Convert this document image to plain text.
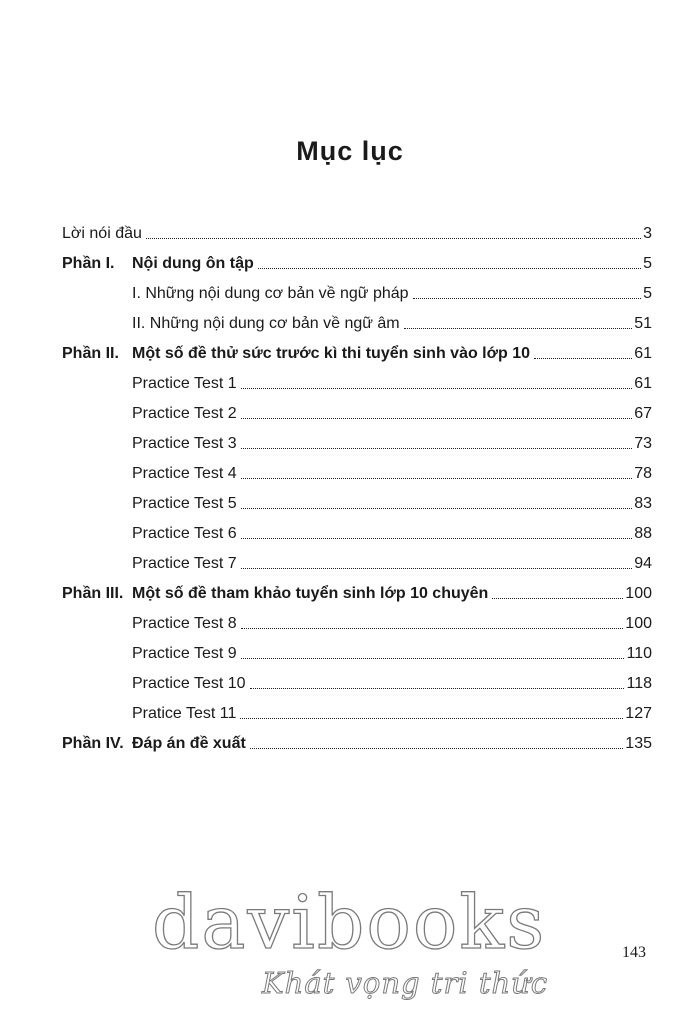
Mục lục
Lời nói đầu	3
Phần I.	Nội dung ôn tập	5
I. Những nội dung cơ bản về ngữ pháp	5
II. Những nội dung cơ bản về ngữ âm	51
Phần II. Một số đề thử sức trước kì thi tuyển sinh vào lớp 10	61
Practice Test 1	61
Practice Test 2	67
Practice Test 3	73
Practice Test 4	78
Practice Test 5	83
Practice Test 6	88
Practice Test 7	94
Phần III. Một số đề tham khảo tuyển sinh lớp 10 chuyên	100
Practice Test 8	100
Practice Test 9	110
Practice Test 10	118
Pratice Test 11	127
Phần IV. Đáp án đề xuất	135
143
davibooks
Khát vọng tri thức
